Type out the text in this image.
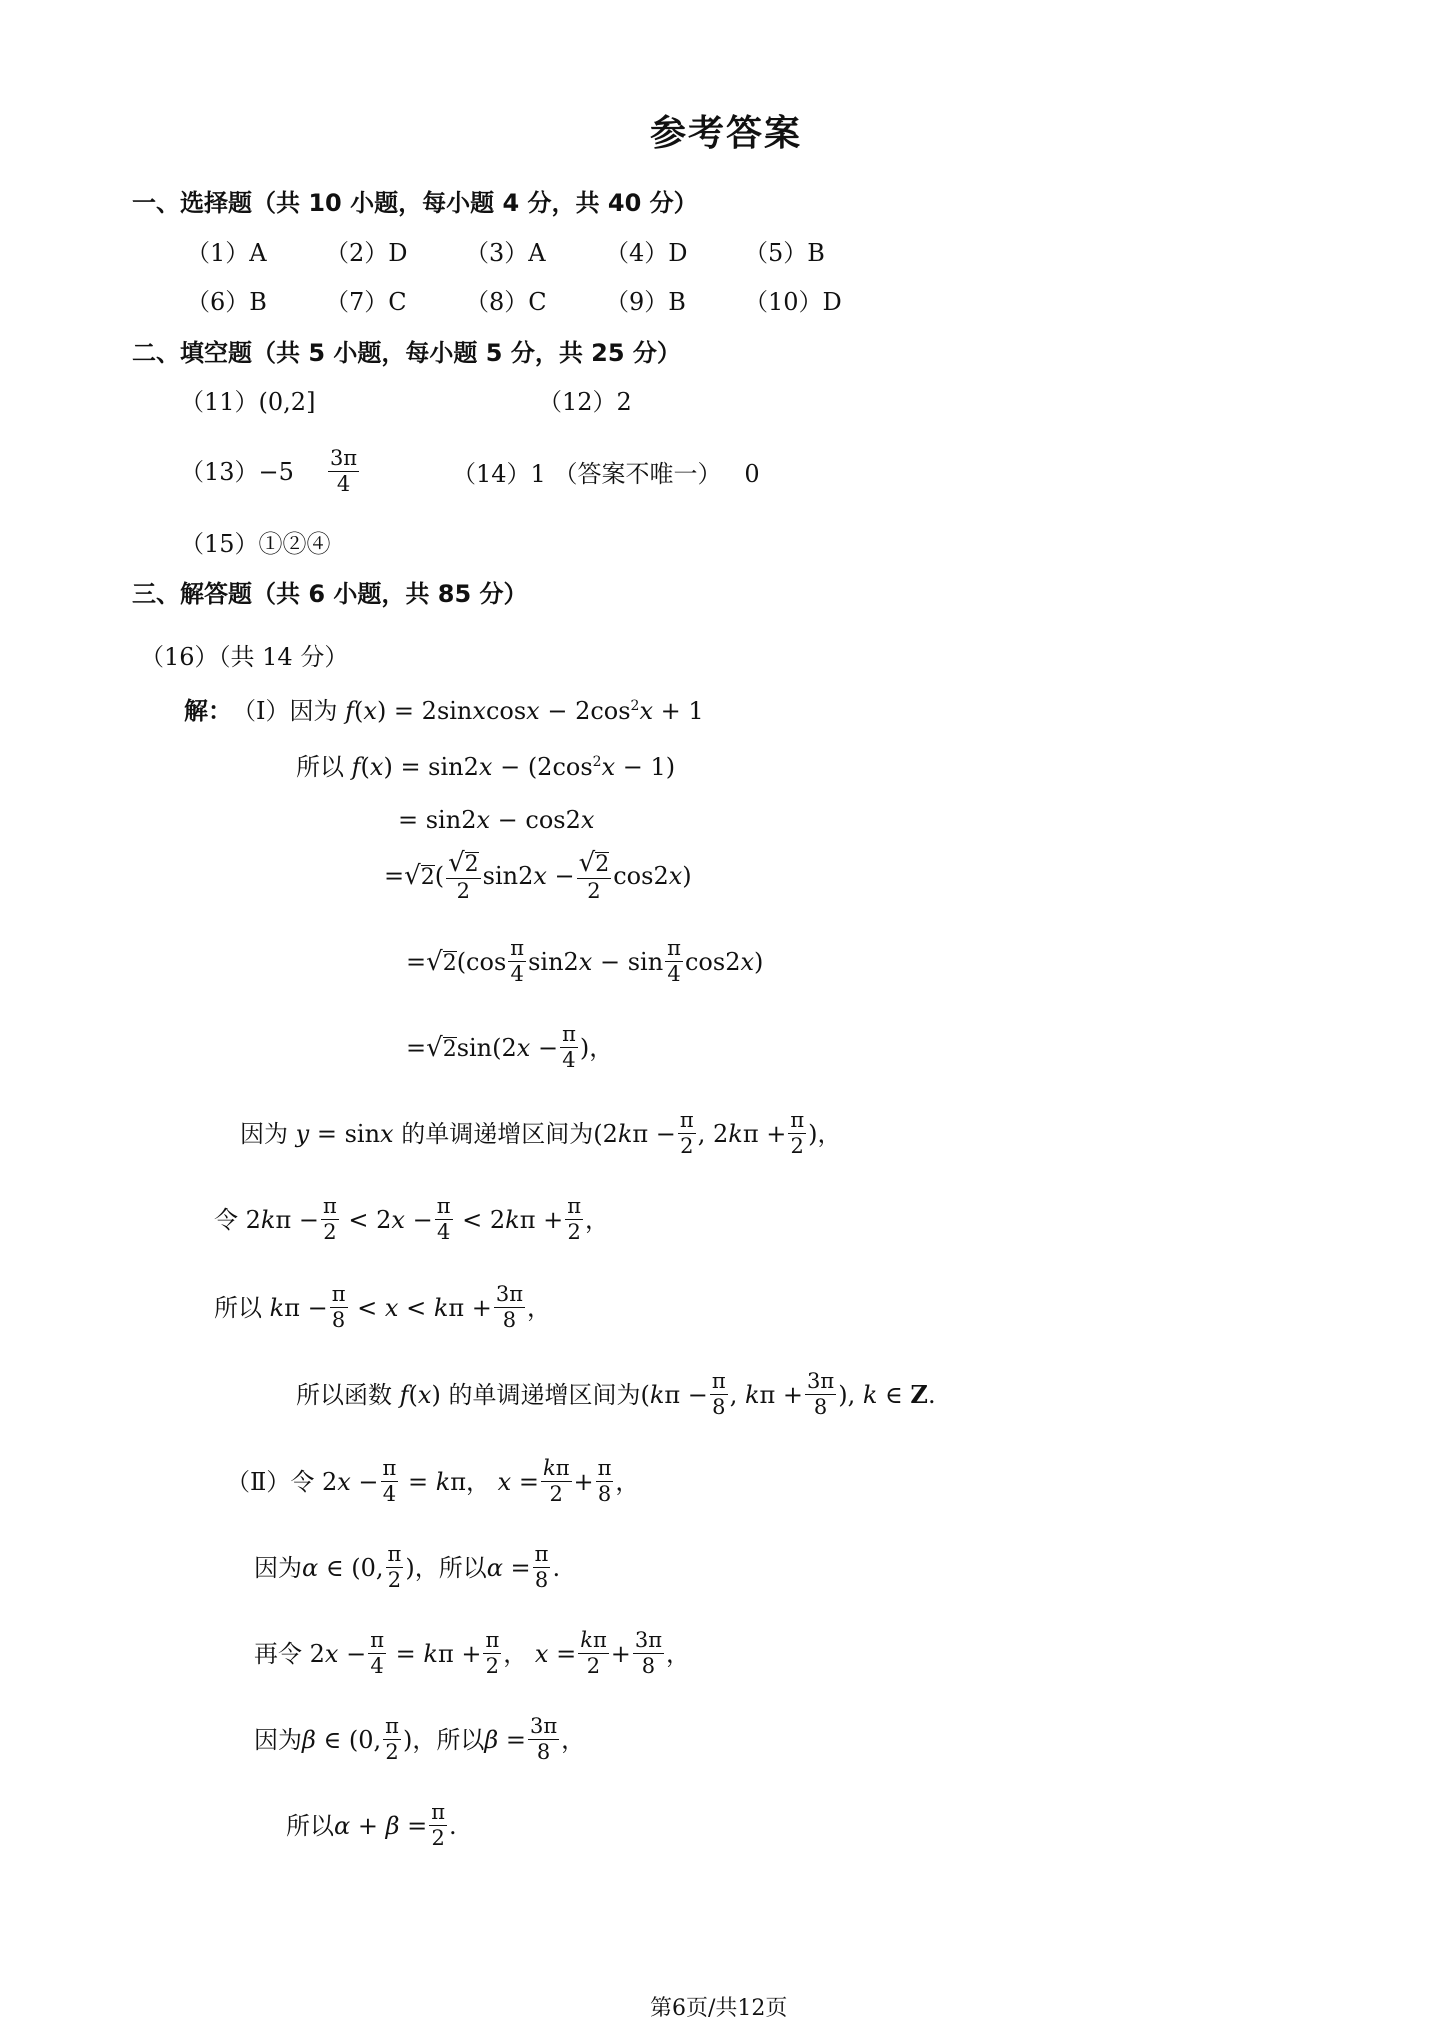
参考答案
一、选择题（共 10 小题，每小题 4 分，共 40 分）
（1）A （2）D （3）A （4）D （5）B
（6）B （7）C （8）C （9）B （10）D
二、填空题（共 5 小题，每小题 5 分，共 25 分）
（11）(0,2]	（12）2
$(13) -5 \frac{3\pi}{4}$	（14）1 （答案不唯一） 0
（15）①②④
三、解答题（共 6 小题，共 85 分）
（16）（共 14 分）
解： （Ⅰ） 因为 f(x) = 2sinxcosx − $2\cos^2x + 1$
所以 $f(x) = \sin 2x - (2\cos^2x - 1)$
= sin2x − cos2x
= √ 2 ( $\frac{√ 2}{2} \sin 2x - \frac{√ 2}{2} \cos 2x$)
= √ 2 $(\cos \frac{\pi}{4} \sin 2x - \sin \frac{\pi}{4} \cos 2x)$
= √ 2 $\sin(2x - \frac{\pi}{4}$ ) ，
因为 y = sinx 的单调递增区间为 ($2k\pi - \frac{\pi}{2}$ , $2k\pi + \frac{\pi}{2}$ ) ，
令 $2k\pi - \frac{\pi}{2} < 2x - \frac{\pi}{4} < 2k\pi + \frac{\pi}{2}$ ，
所以 $k\pi - \frac{\pi}{8} < x < k\pi + \frac{3\pi}{8}$ ，
所以函数 f(x) 的单调递增区间为 ($k\pi - \frac{\pi}{8}$ , $k\pi + \frac{3\pi}{8}$ ), k ∈ Z.
（Ⅱ） 令 $2x - \frac{\pi}{4} = k\pi$， $x = \frac{k\pi}{2} + \frac{\pi}{8}$ ，
因为 α ∈ (0, $\frac{\pi}{2}$ )， 所以 $\alpha = \frac{\pi}{8}$ .
再令 $2x - \frac{\pi}{4} = k\pi + \frac{\pi}{2}$ ， $x = \frac{k\pi}{2} + \frac{3\pi}{8}$ ，
因为 β ∈ (0, $\frac{\pi}{2}$ )， 所以 $\beta = \frac{3\pi}{8}$ ，
所以 $\alpha + \beta = \frac{\pi}{2}$ .
第6页/共12页
